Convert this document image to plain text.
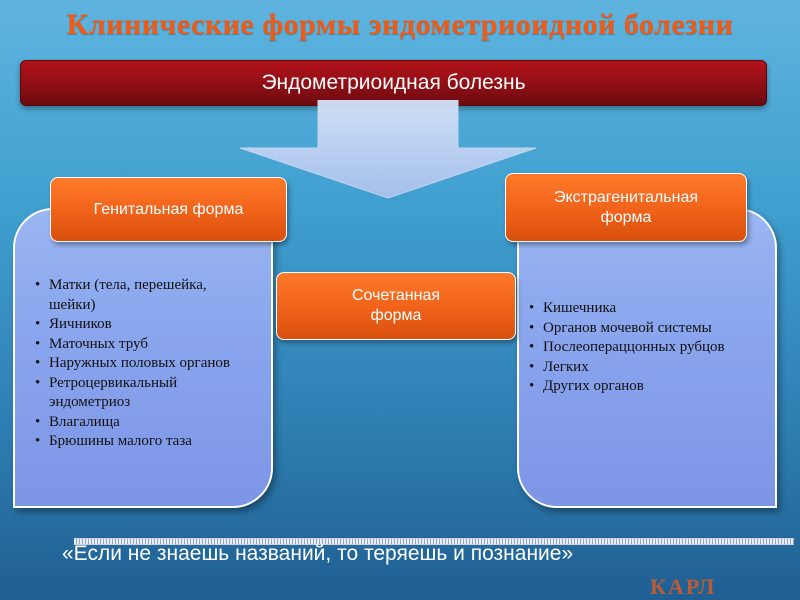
Клинические формы эндометриоидной болезни
Эндометриоидная болезнь
Генитальная форма
Экстрагенитальная
форма
Сочетанная
форма
• Матки (тела, перешейка, шейки)
• Яичников
• Маточных труб
• Наружных половых органов
• Ретроцервикальный эндометриоз
• Влагалища
• Брюшины малого таза
• Кишечника
• Органов мочевой системы
• Послеопераццонных рубцов
• Легких
• Других органов
«Если не знаешь названий, то теряешь и познание»
КАРЛ
